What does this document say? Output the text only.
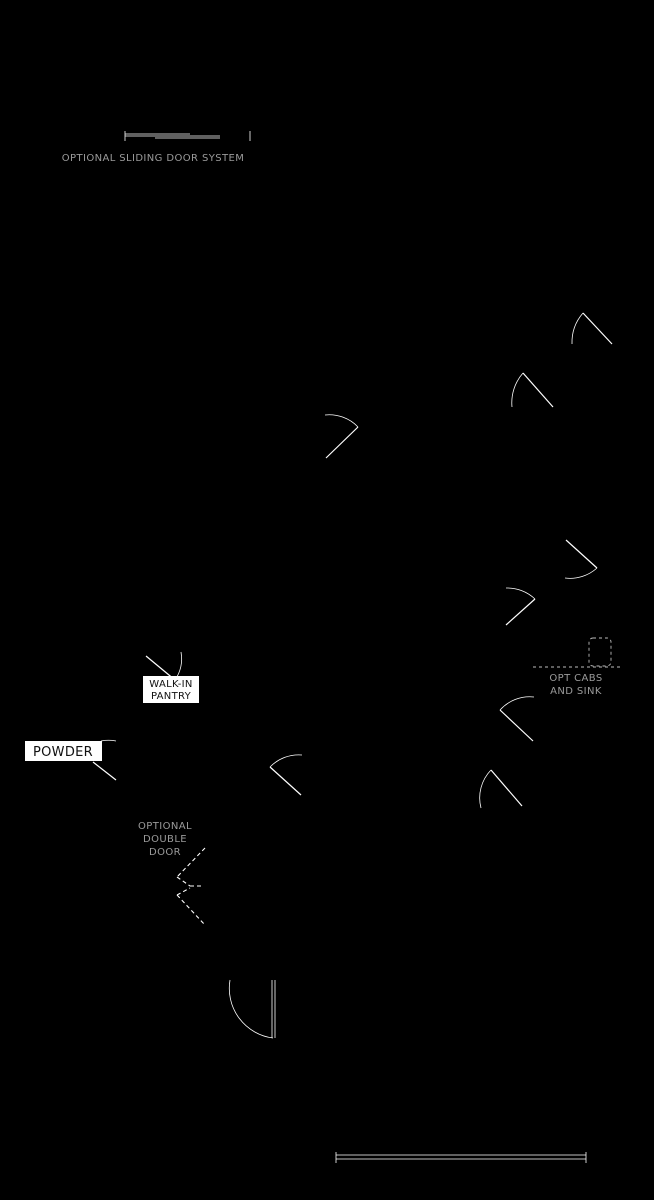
OPTIONAL SLIDING DOOR SYSTEM
OPT CABS
AND SINK
WALK-IN
PANTRY
POWDER
OPTIONAL
DOUBLE
DOOR
